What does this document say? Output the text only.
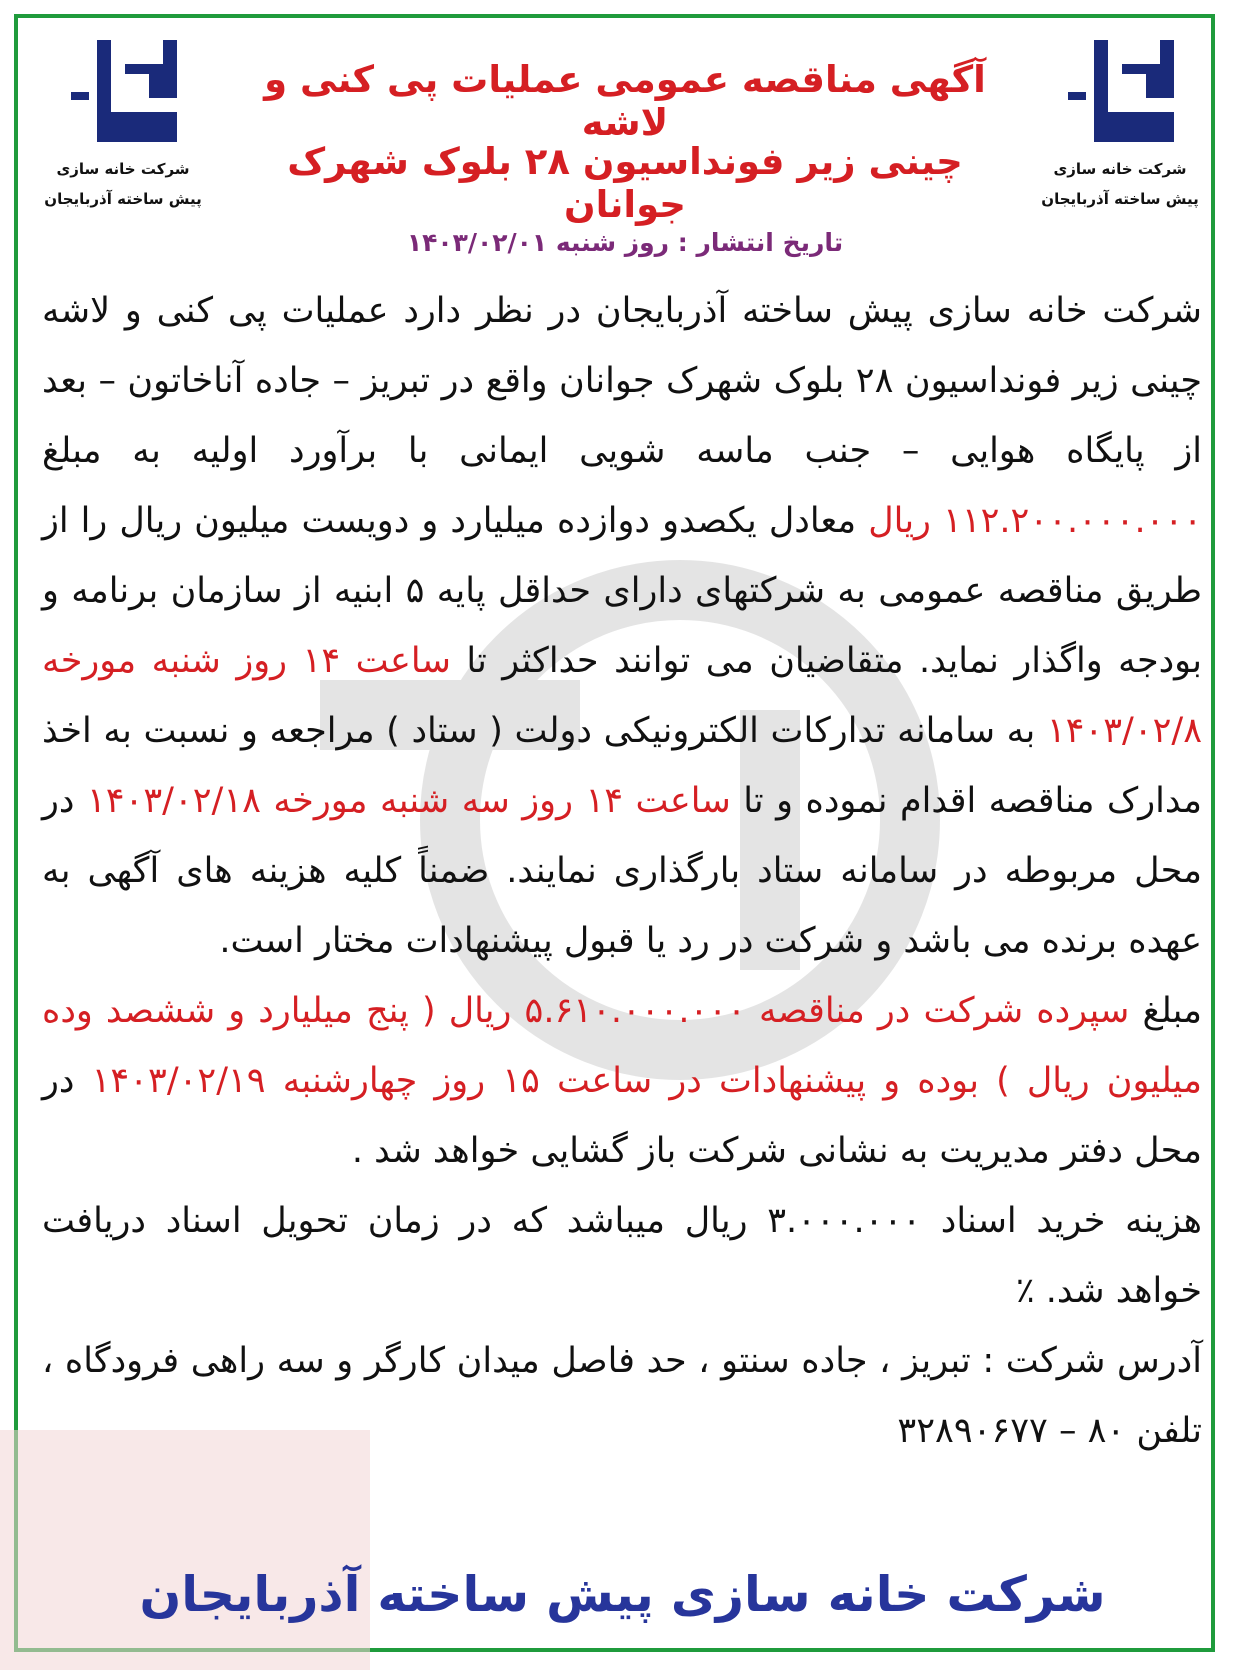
شرکت خانه سازی
پیش ساخته آذربایجان
شرکت خانه سازی
پیش ساخته آذربایجان
آگهی مناقصه عمومی عملیات پی کنی و لاشه
چینی زیر فونداسیون ۲۸ بلوک شهرک جوانان
تاریخ انتشار : روز شنبه ۱۴۰۳/۰۲/۰۱

شرکت خانه سازی پیش ساخته آذربایجان در نظر دارد عملیات پی کنی و لاشه چینی زیر فونداسیون ۲۸ بلوک شهرک جوانان واقع در تبریز – جاده آناخاتون – بعد از پایگاه هوایی – جنب ماسه شویی ایمانی با برآورد اولیه به مبلغ ۱۱۲.۲۰۰.۰۰۰.۰۰۰ ریال معادل یکصدو دوازده میلیارد و دویست میلیون ریال را از طریق مناقصه عمومی به شرکتهای دارای حداقل پایه ۵ ابنیه از سازمان برنامه و بودجه واگذار نماید. متقاضیان می توانند حداکثر تا ساعت ۱۴ روز شنبه مورخه ۱۴۰۳/۰۲/۸ به سامانه تدارکات الکترونیکی دولت ( ستاد ) مراجعه و نسبت به اخذ مدارک مناقصه اقدام نموده و تا ساعت ۱۴ روز سه شنبه مورخه ۱۴۰۳/۰۲/۱۸ در محل مربوطه در سامانه ستاد بارگذاری نمایند. ضمناً کلیه هزینه های آگهی به عهده برنده می باشد و شرکت در رد یا قبول پیشنهادات مختار است.

مبلغ سپرده شرکت در مناقصه ۵.۶۱۰.۰۰۰.۰۰۰ ریال ( پنج میلیارد و ششصد وده میلیون ریال ) بوده و پیشنهادات در ساعت ۱۵ روز چهارشنبه ۱۴۰۳/۰۲/۱۹ در محل دفتر مدیریت به نشانی شرکت باز گشایی خواهد شد .

هزینه خرید اسناد ۳.۰۰۰.۰۰۰ ریال میباشد که در زمان تحویل اسناد دریافت خواهد شد. ٪

آدرس شرکت : تبریز ، جاده سنتو ، حد فاصل میدان کارگر و سه راهی فرودگاه ، تلفن ۸۰ – ۳۲۸۹۰۶۷۷

شرکت خانه سازی پیش ساخته آذربایجان
